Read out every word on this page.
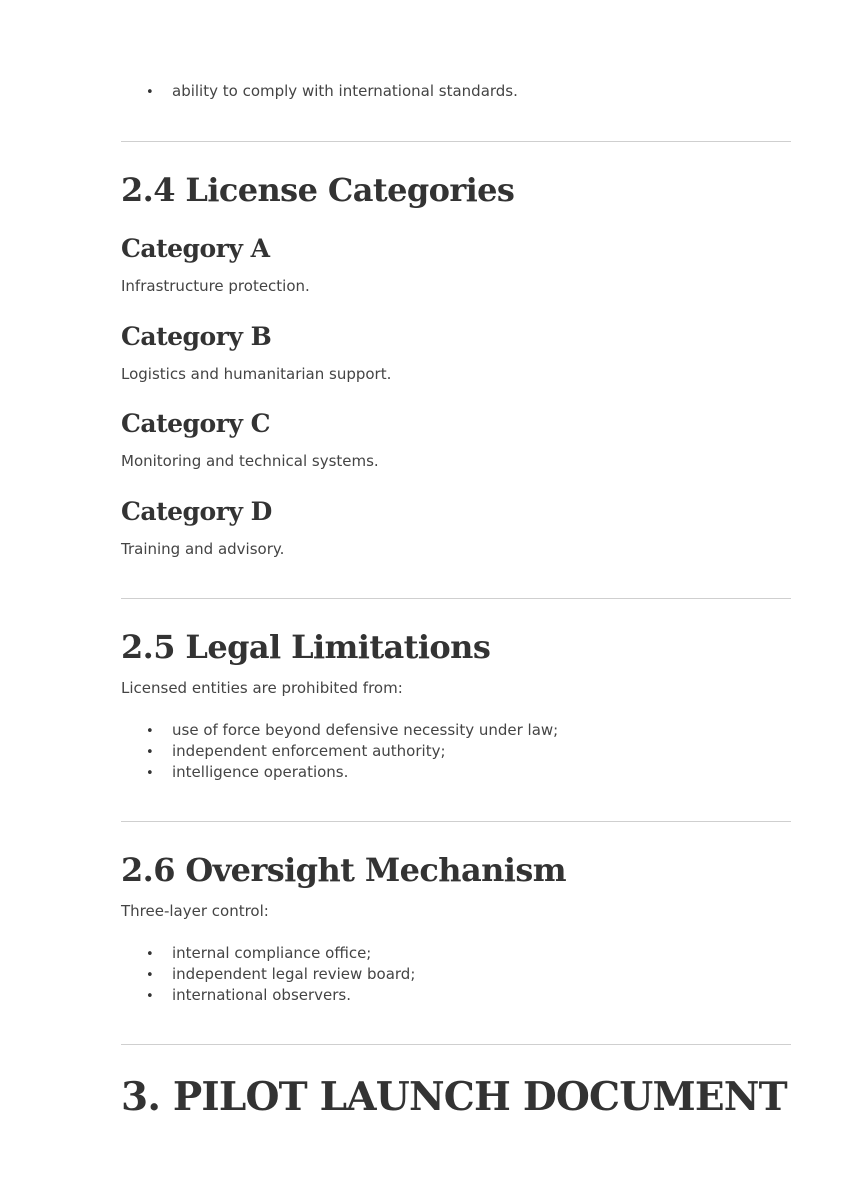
• ability to comply with international standards.
2.4 License Categories
Category A
Infrastructure protection.
Category B
Logistics and humanitarian support.
Category C
Monitoring and technical systems.
Category D
Training and advisory.
2.5 Legal Limitations
Licensed entities are prohibited from:
• use of force beyond defensive necessity under law;
• independent enforcement authority;
• intelligence operations.
2.6 Oversight Mechanism
Three-layer control:
• internal compliance office;
• independent legal review board;
• international observers.
3. PILOT LAUNCH DOCUMENT
